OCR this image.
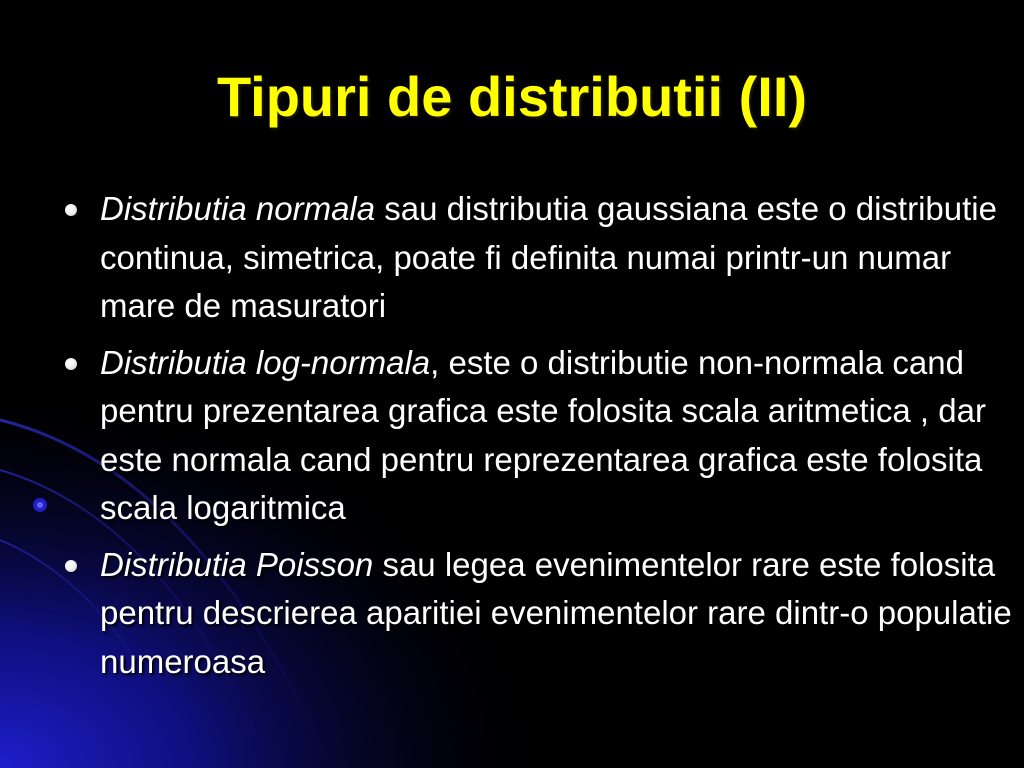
Tipuri de distributii (II)
Distributia normala sau distributia gaussiana este o distributie continua, simetrica, poate fi definita numai printr-un numar mare de masuratori
Distributia log-normala, este o distributie non-normala cand pentru prezentarea grafica este folosita scala aritmetica , dar este normala cand pentru reprezentarea grafica este folosita scala logaritmica
Distributia Poisson sau legea evenimentelor rare este folosita pentru descrierea aparitiei evenimentelor rare dintr-o populatie numeroasa
